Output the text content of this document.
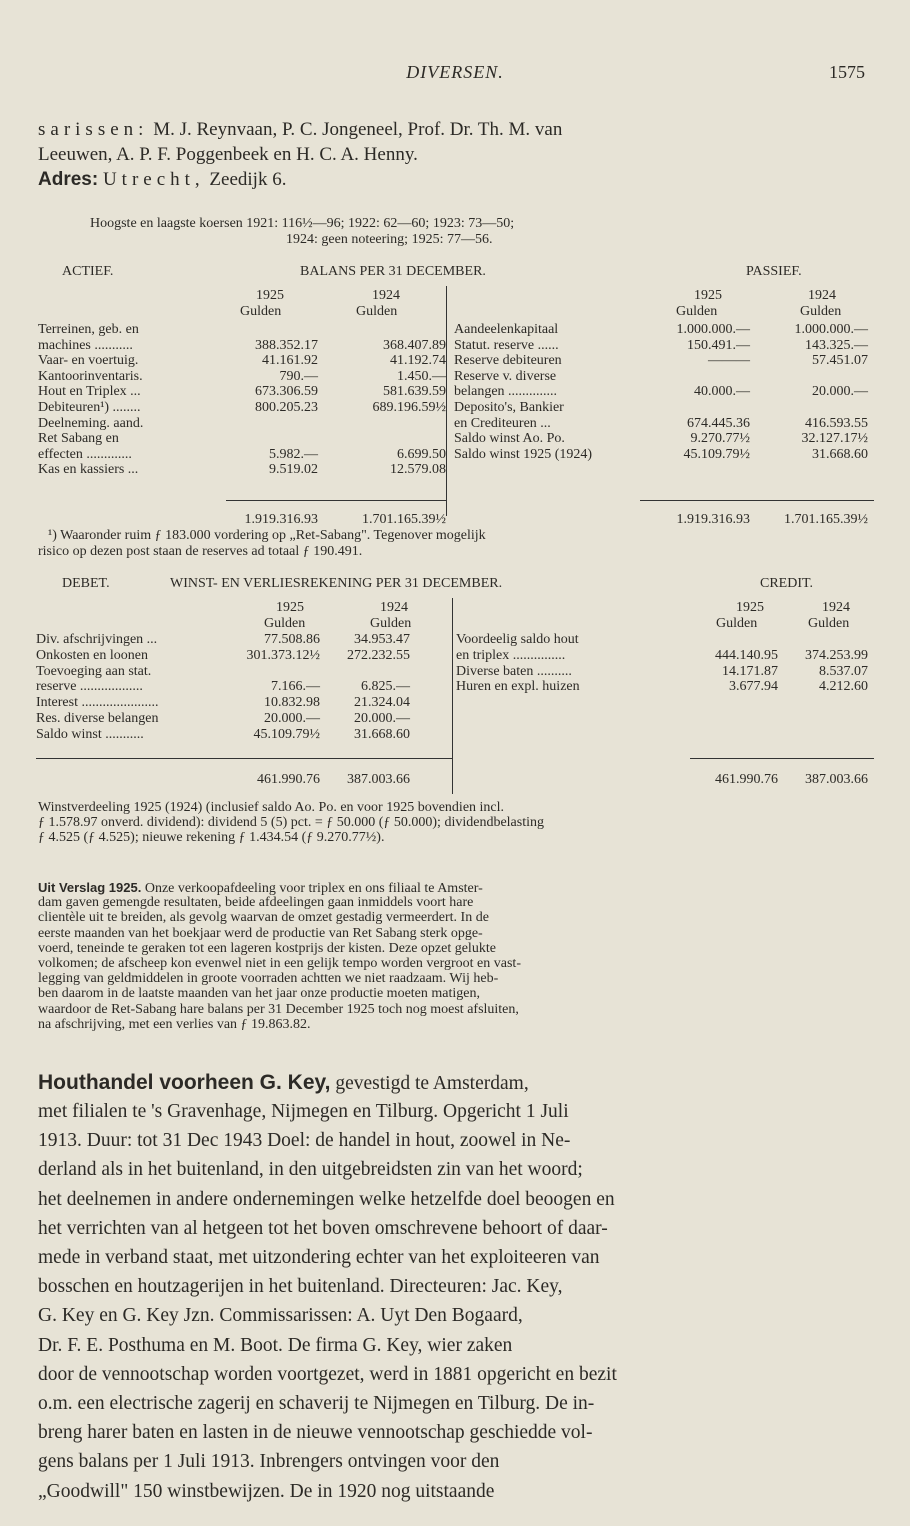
DIVERSEN.	1575
sarissen: M. J. Reynvaan, P. C. Jongeneel, Prof. Dr. Th. M. van
Leeuwen, A. P. F. Poggenbeek en H. C. A. Henny.
Adres: Utrecht, Zeedijk 6.
Hoogste en laagste koersen 1921: 116½—96; 1922: 62—60; 1923: 73—50;
1924: geen noteering; 1925: 77—56.
ACTIEF.	BALANS PER 31 DECEMBER.	PASSIEF.
1925	1924
Gulden	Gulden
1925	1924
Gulden	Gulden
Terreinen, geb. en
machines ...........	388.352.17	368.407.89
Vaar- en voertuig.	41.161.92	41.192.74
Kantoorinventaris.	790.—	1.450.—
Hout en Triplex ...	673.306.59	581.639.59
Debiteuren¹) ........	800.205.23	689.196.59½
Deelneming. aand.
Ret Sabang en
effecten .............	5.982.—	6.699.50
Kas en kassiers ...	9.519.02	12.579.08
Aandeelenkapitaal	1.000.000.—	1.000.000.—
Statut. reserve ......	150.491.—	143.325.—
Reserve debiteuren	———	57.451.07
Reserve v. diverse
belangen ..............	40.000.—	20.000.—
Deposito's, Bankier
en Crediteuren ...	674.445.36	416.593.55
Saldo winst Ao. Po.	9.270.77½	32.127.17½
Saldo winst 1925 (1924)	45.109.79½	31.668.60
1.919.316.93	1.701.165.39½	1.919.316.93	1.701.165.39½
¹) Waaronder ruim ƒ 183.000 vordering op „Ret-Sabang". Tegenover mogelijk
risico op dezen post staan de reserves ad totaal ƒ 190.491.
DEBET.	WINST- EN VERLIESREKENING PER 31 DECEMBER.	CREDIT.
1925	1924
Gulden	Gulden
1925	1924
Gulden	Gulden
Div. afschrijvingen ...	77.508.86	34.953.47
Onkosten en loonen	301.373.12½	272.232.55
Toevoeging aan stat.
reserve ..................	7.166.—	6.825.—
Interest ......................	10.832.98	21.324.04
Res. diverse belangen	20.000.—	20.000.—
Saldo winst ...........	45.109.79½	31.668.60
Voordeelig saldo hout
en triplex ...............	444.140.95	374.253.99
Diverse baten ..........	14.171.87	8.537.07
Huren en expl. huizen	3.677.94	4.212.60
461.990.76	387.003.66	461.990.76	387.003.66
Winstverdeeling 1925 (1924) (inclusief saldo Ao. Po. en voor 1925 bovendien incl.
ƒ 1.578.97 onverd. dividend): dividend 5 (5) pct. = ƒ 50.000 (ƒ 50.000); dividendbelasting
ƒ 4.525 (ƒ 4.525); nieuwe rekening ƒ 1.434.54 (ƒ 9.270.77½).
Uit Verslag 1925. Onze verkoopafdeeling voor triplex en ons filiaal te Amster-
dam gaven gemengde resultaten, beide afdeelingen gaan inmiddels voort hare
clientèle uit te breiden, als gevolg waarvan de omzet gestadig vermeerdert. In de
eerste maanden van het boekjaar werd de productie van Ret Sabang sterk opge-
voerd, teneinde te geraken tot een lageren kostprijs der kisten. Deze opzet gelukte
volkomen; de afscheep kon evenwel niet in een gelijk tempo worden vergroot en vast-
legging van geldmiddelen in groote voorraden achtten we niet raadzaam. Wij heb-
ben daarom in de laatste maanden van het jaar onze productie moeten matigen,
waardoor de Ret-Sabang hare balans per 31 December 1925 toch nog moest afsluiten,
na afschrijving, met een verlies van ƒ 19.863.82.
Houthandel voorheen G. Key, gevestigd te Amsterdam,
met filialen te 's Gravenhage, Nijmegen en Tilburg. Opgericht 1 Juli
1913. Duur: tot 31 Dec 1943 Doel: de handel in hout, zoowel in Ne-
derland als in het buitenland, in den uitgebreidsten zin van het woord;
het deelnemen in andere ondernemingen welke hetzelfde doel beoogen en
het verrichten van al hetgeen tot het boven omschrevene behoort of daar-
mede in verband staat, met uitzondering echter van het exploiteeren van
bosschen en houtzagerijen in het buitenland. Directeuren: Jac. Key,
G. Key en G. Key Jzn. Commissarissen: A. Uyt Den Bogaard,
Dr. F. E. Posthuma en M. Boot. De firma G. Key, wier zaken
door de vennootschap worden voortgezet, werd in 1881 opgericht en bezit
o.m. een electrische zagerij en schaverij te Nijmegen en Tilburg. De in-
breng harer baten en lasten in de nieuwe vennootschap geschiedde vol-
gens balans per 1 Juli 1913. Inbrengers ontvingen voor den
„Goodwill" 150 winstbewijzen. De in 1920 nog uitstaande
